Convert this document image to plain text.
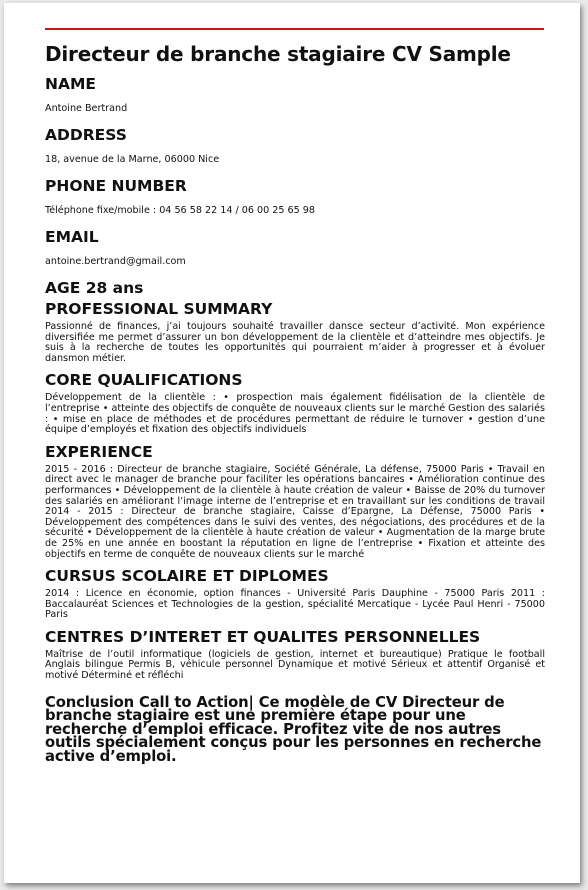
Directeur de branche stagiaire CV Sample
NAME
Antoine Bertrand
ADDRESS
18, avenue de la Marne, 06000 Nice
PHONE NUMBER
Téléphone fixe/mobile : 04 56 58 22 14 / 06 00 25 65 98
EMAIL
antoine.bertrand@gmail.com
AGE 28 ans
PROFESSIONAL SUMMARY
Passionné de finances, j’ai toujours souhaité travailler dansce secteur d’activité. Mon expérience diversifiée me permet d’assurer un bon développement de la clientèle et d’atteindre mes objectifs. Je suis à la recherche de toutes les opportunités qui pourraient m’aider à progresser et à évoluer dansmon métier.
CORE QUALIFICATIONS
Développement de la clientèle : • prospection mais également fidélisation de la clientèle de l’entreprise • atteinte des objectifs de conquête de nouveaux clients sur le marché Gestion des salariés : • mise en place de méthodes et de procédures permettant de réduire le turnover • gestion d’une équipe d’employés et fixation des objectifs individuels
EXPERIENCE
2015 - 2016 : Directeur de branche stagiaire, Société Générale, La défense, 75000 Paris • Travail en direct avec le manager de branche pour faciliter les opérations bancaires • Amélioration continue des performances • Développement de la clientèle à haute création de valeur • Baisse de 20% du turnover des salariés en améliorant l’image interne de l’entreprise et en travaillant sur les conditions de travail 2014 - 2015 : Directeur de branche stagiaire, Caisse d’Epargne, La Défense, 75000 Paris • Développement des compétences dans le suivi des ventes, des négociations, des procédures et de la sécurité • Développement de la clientèle à haute création de valeur • Augmentation de la marge brute de 25% en une année en boostant la réputation en ligne de l’entreprise • Fixation et atteinte des objectifs en terme de conquête de nouveaux clients sur le marché
CURSUS SCOLAIRE ET DIPLOMES
2014 : Licence en économie, option finances - Université Paris Dauphine - 75000 Paris 2011 : Baccalauréat Sciences et Technologies de la gestion, spécialité Mercatique - Lycée Paul Henri - 75000 Paris
CENTRES D’INTERET ET QUALITES PERSONNELLES
Maîtrise de l’outil informatique (logiciels de gestion, internet et bureautique) Pratique le football Anglais bilingue Permis B, véhicule personnel Dynamique et motivé Sérieux et attentif Organisé et motivé Déterminé et réfléchi
Conclusion Call to Action| Ce modèle de CV Directeur de branche stagiaire est une première étape pour une recherche d’emploi efficace. Profitez vite de nos autres outils spécialement conçus pour les personnes en recherche active d’emploi.
